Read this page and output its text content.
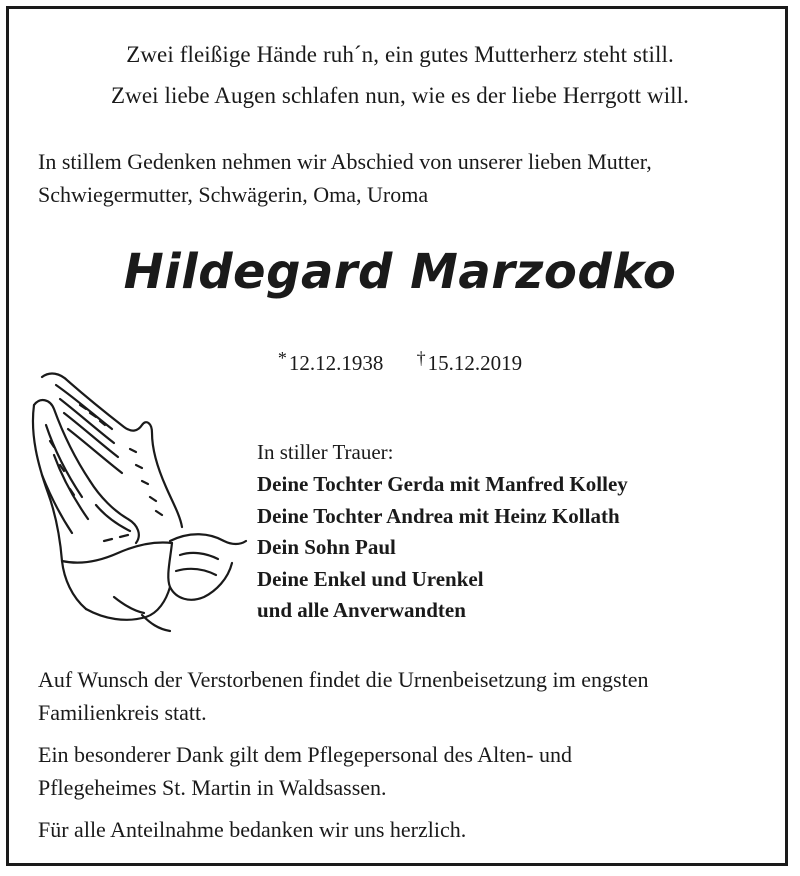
Zwei fleißige Hände ruh´n, ein gutes Mutterherz steht still.
Zwei liebe Augen schlafen nun, wie es der liebe Herrgott will.
In stillem Gedenken nehmen wir Abschied von unserer lieben Mutter,
Schwiegermutter, Schwägerin, Oma, Uroma
Hildegard Marzodko
*12.12.1938 †15.12.2019
In stiller Trauer:
Deine Tochter Gerda mit Manfred Kolley
Deine Tochter Andrea mit Heinz Kollath
Dein Sohn Paul
Deine Enkel und Urenkel
und alle Anverwandten
Auf Wunsch der Verstorbenen findet die Urnenbeisetzung im engsten
Familienkreis statt.
Ein besonderer Dank gilt dem Pflegepersonal des Alten- und
Pflegeheimes St. Martin in Waldsassen.
Für alle Anteilnahme bedanken wir uns herzlich.
